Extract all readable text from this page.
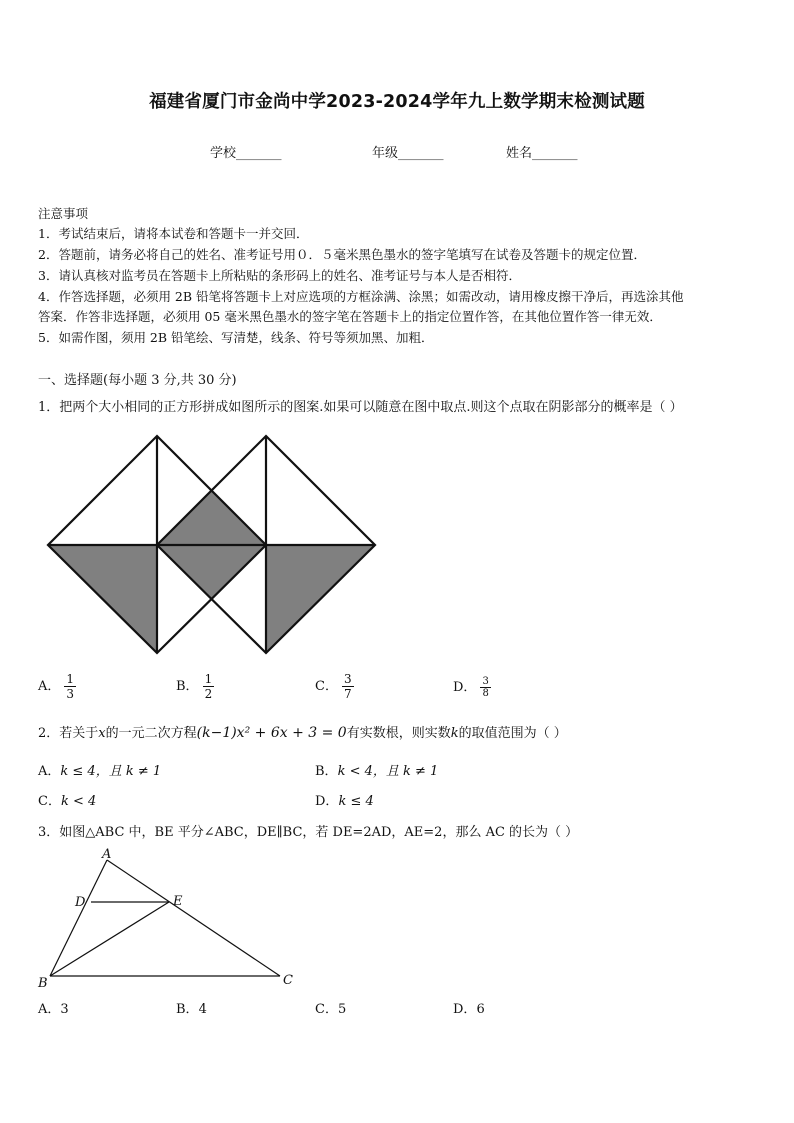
福建省厦门市金尚中学2023-2024学年九上数学期末检测试题
学校_______	年级_______	姓名_______
注意事项
1．考试结束后，请将本试卷和答题卡一并交回．
2．答题前，请务必将自己的姓名、准考证号用０．５毫米黑色墨水的签字笔填写在试卷及答题卡的规定位置．
3．请认真核对监考员在答题卡上所粘贴的条形码上的姓名、准考证号与本人是否相符．
4．作答选择题，必须用 2B 铅笔将答题卡上对应选项的方框涂满、涂黑；如需改动，请用橡皮擦干净后，再选涂其他
答案．作答非选择题，必须用 05 毫米黑色墨水的签字笔在答题卡上的指定位置作答，在其他位置作答一律无效．
5．如需作图，须用 2B 铅笔绘、写清楚，线条、符号等须加黑、加粗．
一、选择题(每小题 3 分,共 30 分)
1．把两个大小相同的正方形拼成如图所示的图案.如果可以随意在图中取点.则这个点取在阴影部分的概率是（ ）
A． $\frac{1}{3}$	B． $\frac{1}{2}$	C． $\frac{3}{7}$	D． $\frac{3}{8}$
2．若关于x的一元二次方程(k−1)x² + 6x + 3 = 0有实数根，则实数k的取值范围为（ ）
A．k ≤ 4，且 k ≠ 1	B．k < 4，且 k ≠ 1
C．k < 4	D．k ≤ 4
3．如图△ABC 中，BE 平分∠ABC，DE∥BC，若 DE=2AD，AE=2，那么 AC 的长为（ ）
A
D	E
B	C
A．3	B．4	C．5	D．6
